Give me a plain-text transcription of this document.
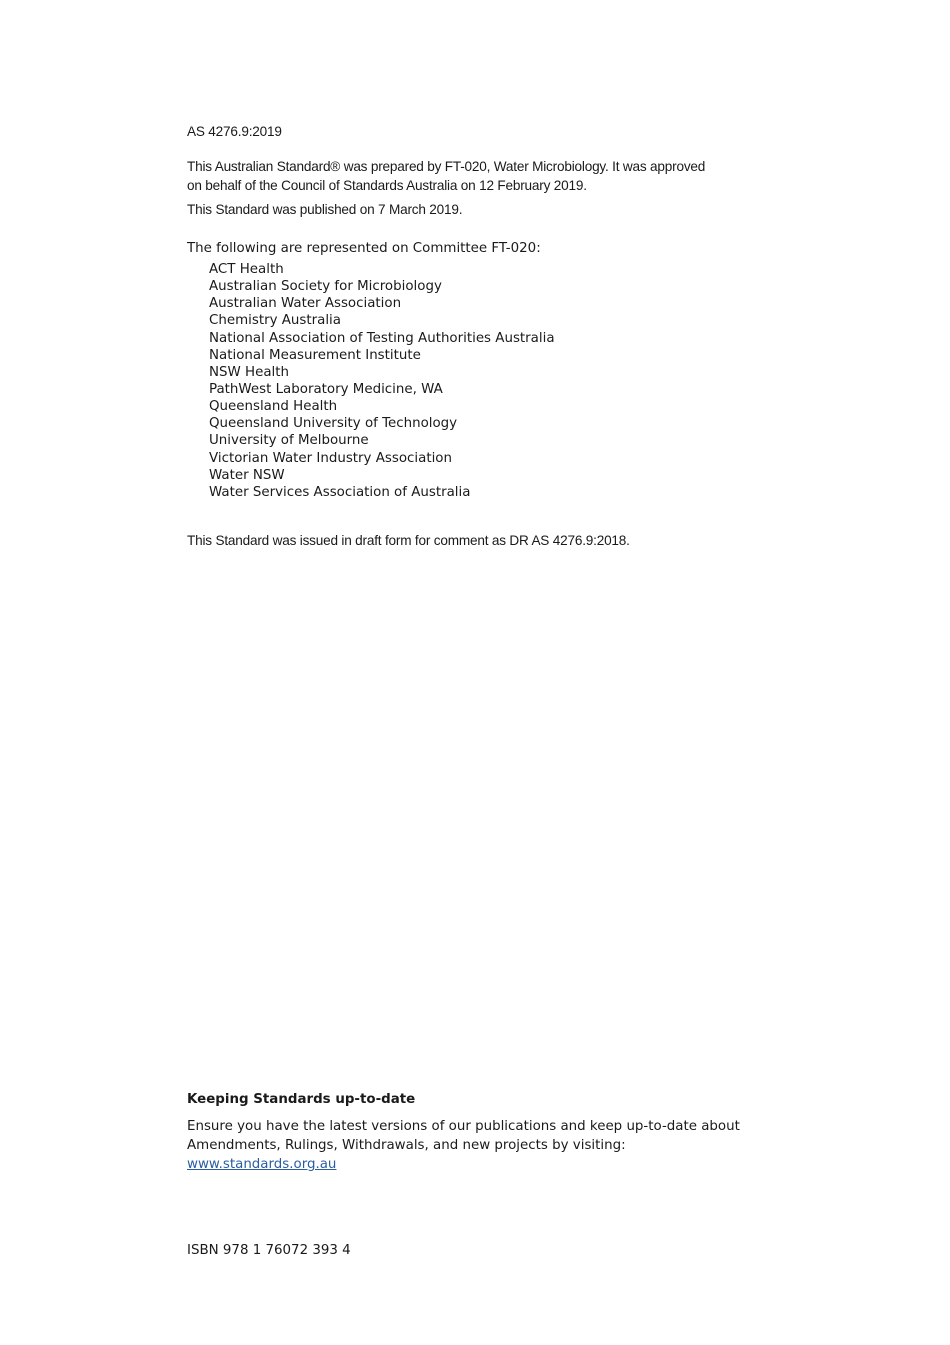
AS 4276.9:2019

This Australian Standard® was prepared by FT-020, Water Microbiology. It was approved
on behalf of the Council of Standards Australia on 12 February 2019.

This Standard was published on 7 March 2019.

The following are represented on Committee FT-020:

ACT Health
Australian Society for Microbiology
Australian Water Association
Chemistry Australia
National Association of Testing Authorities Australia
National Measurement Institute
NSW Health
PathWest Laboratory Medicine, WA
Queensland Health
Queensland University of Technology
University of Melbourne
Victorian Water Industry Association
Water NSW
Water Services Association of Australia

This Standard was issued in draft form for comment as DR AS 4276.9:2018.

Keeping Standards up-to-date

Ensure you have the latest versions of our publications and keep up-to-date about
Amendments, Rulings, Withdrawals, and new projects by visiting:
www.standards.org.au

ISBN 978 1 76072 393 4
